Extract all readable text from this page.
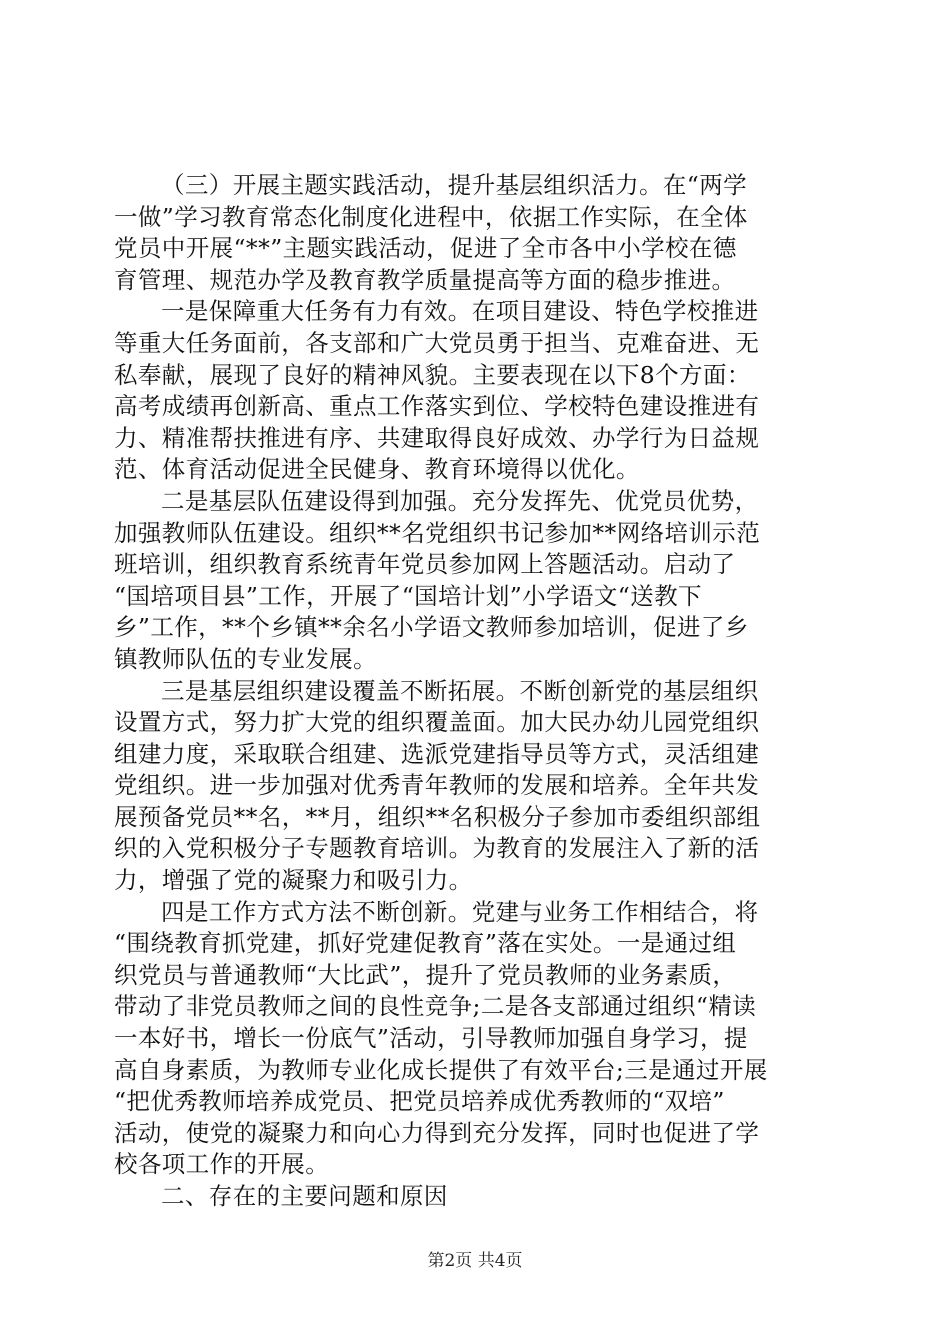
（三）开展主题实践活动，提升基层组织活力。在“两学
一做”学习教育常态化制度化进程中，依据工作实际，在全体
党员中开展“**”主题实践活动，促进了全市各中小学校在德
育管理、规范办学及教育教学质量提高等方面的稳步推进。
一是保障重大任务有力有效。在项目建设、特色学校推进
等重大任务面前，各支部和广大党员勇于担当、克难奋进、无
私奉献，展现了良好的精神风貌。主要表现在以下8个方面：
高考成绩再创新高、重点工作落实到位、学校特色建设推进有
力、精准帮扶推进有序、共建取得良好成效、办学行为日益规
范、体育活动促进全民健身、教育环境得以优化。
二是基层队伍建设得到加强。充分发挥先、优党员优势，
加强教师队伍建设。组织**名党组织书记参加**网络培训示范
班培训，组织教育系统青年党员参加网上答题活动。启动了
“国培项目县”工作，开展了“国培计划”小学语文“送教下
乡”工作，**个乡镇**余名小学语文教师参加培训，促进了乡
镇教师队伍的专业发展。
三是基层组织建设覆盖不断拓展。不断创新党的基层组织
设置方式，努力扩大党的组织覆盖面。加大民办幼儿园党组织
组建力度，采取联合组建、选派党建指导员等方式，灵活组建
党组织。进一步加强对优秀青年教师的发展和培养。全年共发
展预备党员**名，**月，组织**名积极分子参加市委组织部组
织的入党积极分子专题教育培训。为教育的发展注入了新的活
力，增强了党的凝聚力和吸引力。
四是工作方式方法不断创新。党建与业务工作相结合，将
“围绕教育抓党建，抓好党建促教育”落在实处。一是通过组
织党员与普通教师“大比武”，提升了党员教师的业务素质，
带动了非党员教师之间的良性竞争;二是各支部通过组织“精读
一本好书，增长一份底气”活动，引导教师加强自身学习，提
高自身素质，为教师专业化成长提供了有效平台;三是通过开展
“把优秀教师培养成党员、把党员培养成优秀教师的“双培”
活动，使党的凝聚力和向心力得到充分发挥，同时也促进了学
校各项工作的开展。
二、存在的主要问题和原因
第2页 共4页
